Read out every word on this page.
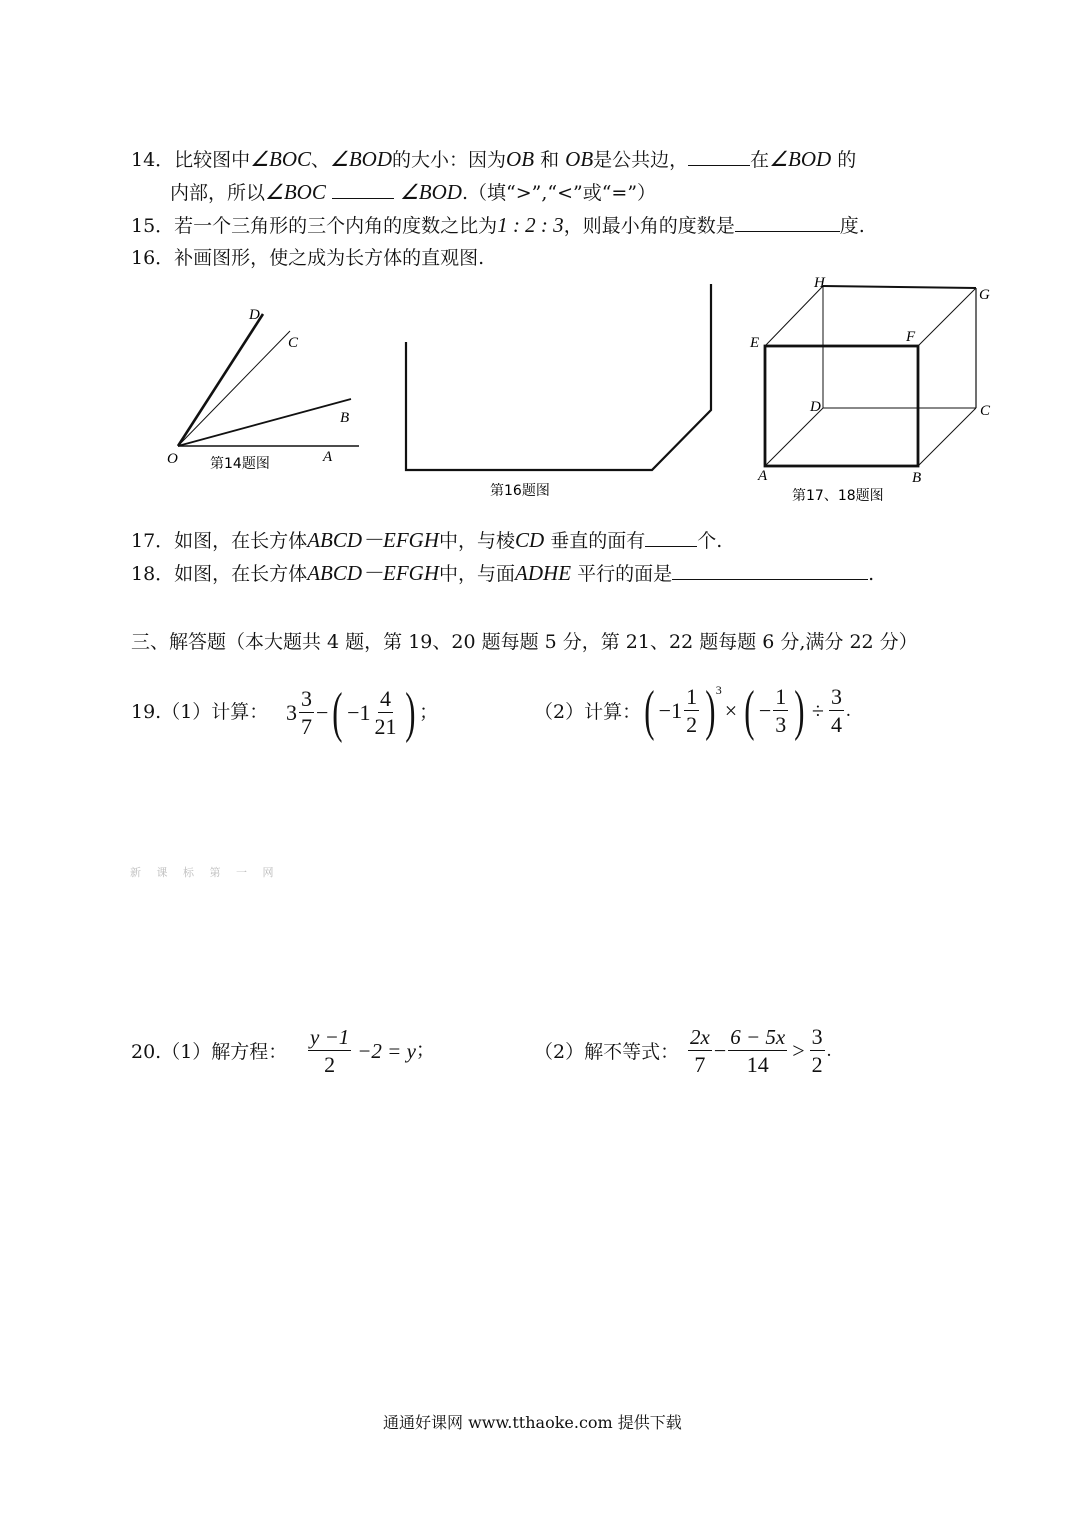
14．比较图中∠BOC、∠BOD的大小：因为OB 和 OB是公共边，	在∠BOD 的
内部，所以∠BOC	∠BOD.（填“>”,“<”或“=”）
15．若一个三角形的三个内角的度数之比为1 : 2 : 3，则最小角的度数是	度.
16．补画图形，使之成为长方体的直观图.
D
C
B
O	A
第14题图
第16题图
H
G
E	F
D	C
A	B
第17、18题图
17．如图，在长方体ABCD－EFGH中，与棱CD 垂直的面有	个.
18．如图，在长方体ABCD－EFGH中，与面ADHE 平行的面是	.
三、解答题（本大题共 4 题，第 19、20 题每题 5 分，第 21、22 题每题 6 分,满分 22 分）
19.（1）计算： $3 \frac{3}{7}$ − ( $-1 \frac{4}{21}$ ) ；	（2）计算： ( $-1 \frac{1}{2}$ ) 3
× ( − $\frac{1}{3}$ ) ÷ $\frac{3}{4}$ .
新 课 标 第 一 网
20.（1）解方程： $\frac{y -1}{2} -2 = y$ ；	（2）解不等式： $\frac{2x}{7} - \frac{6 - 5x}{14} > \frac{3}{2}$ .
通通好课网 www.tthaoke.com 提供下载
